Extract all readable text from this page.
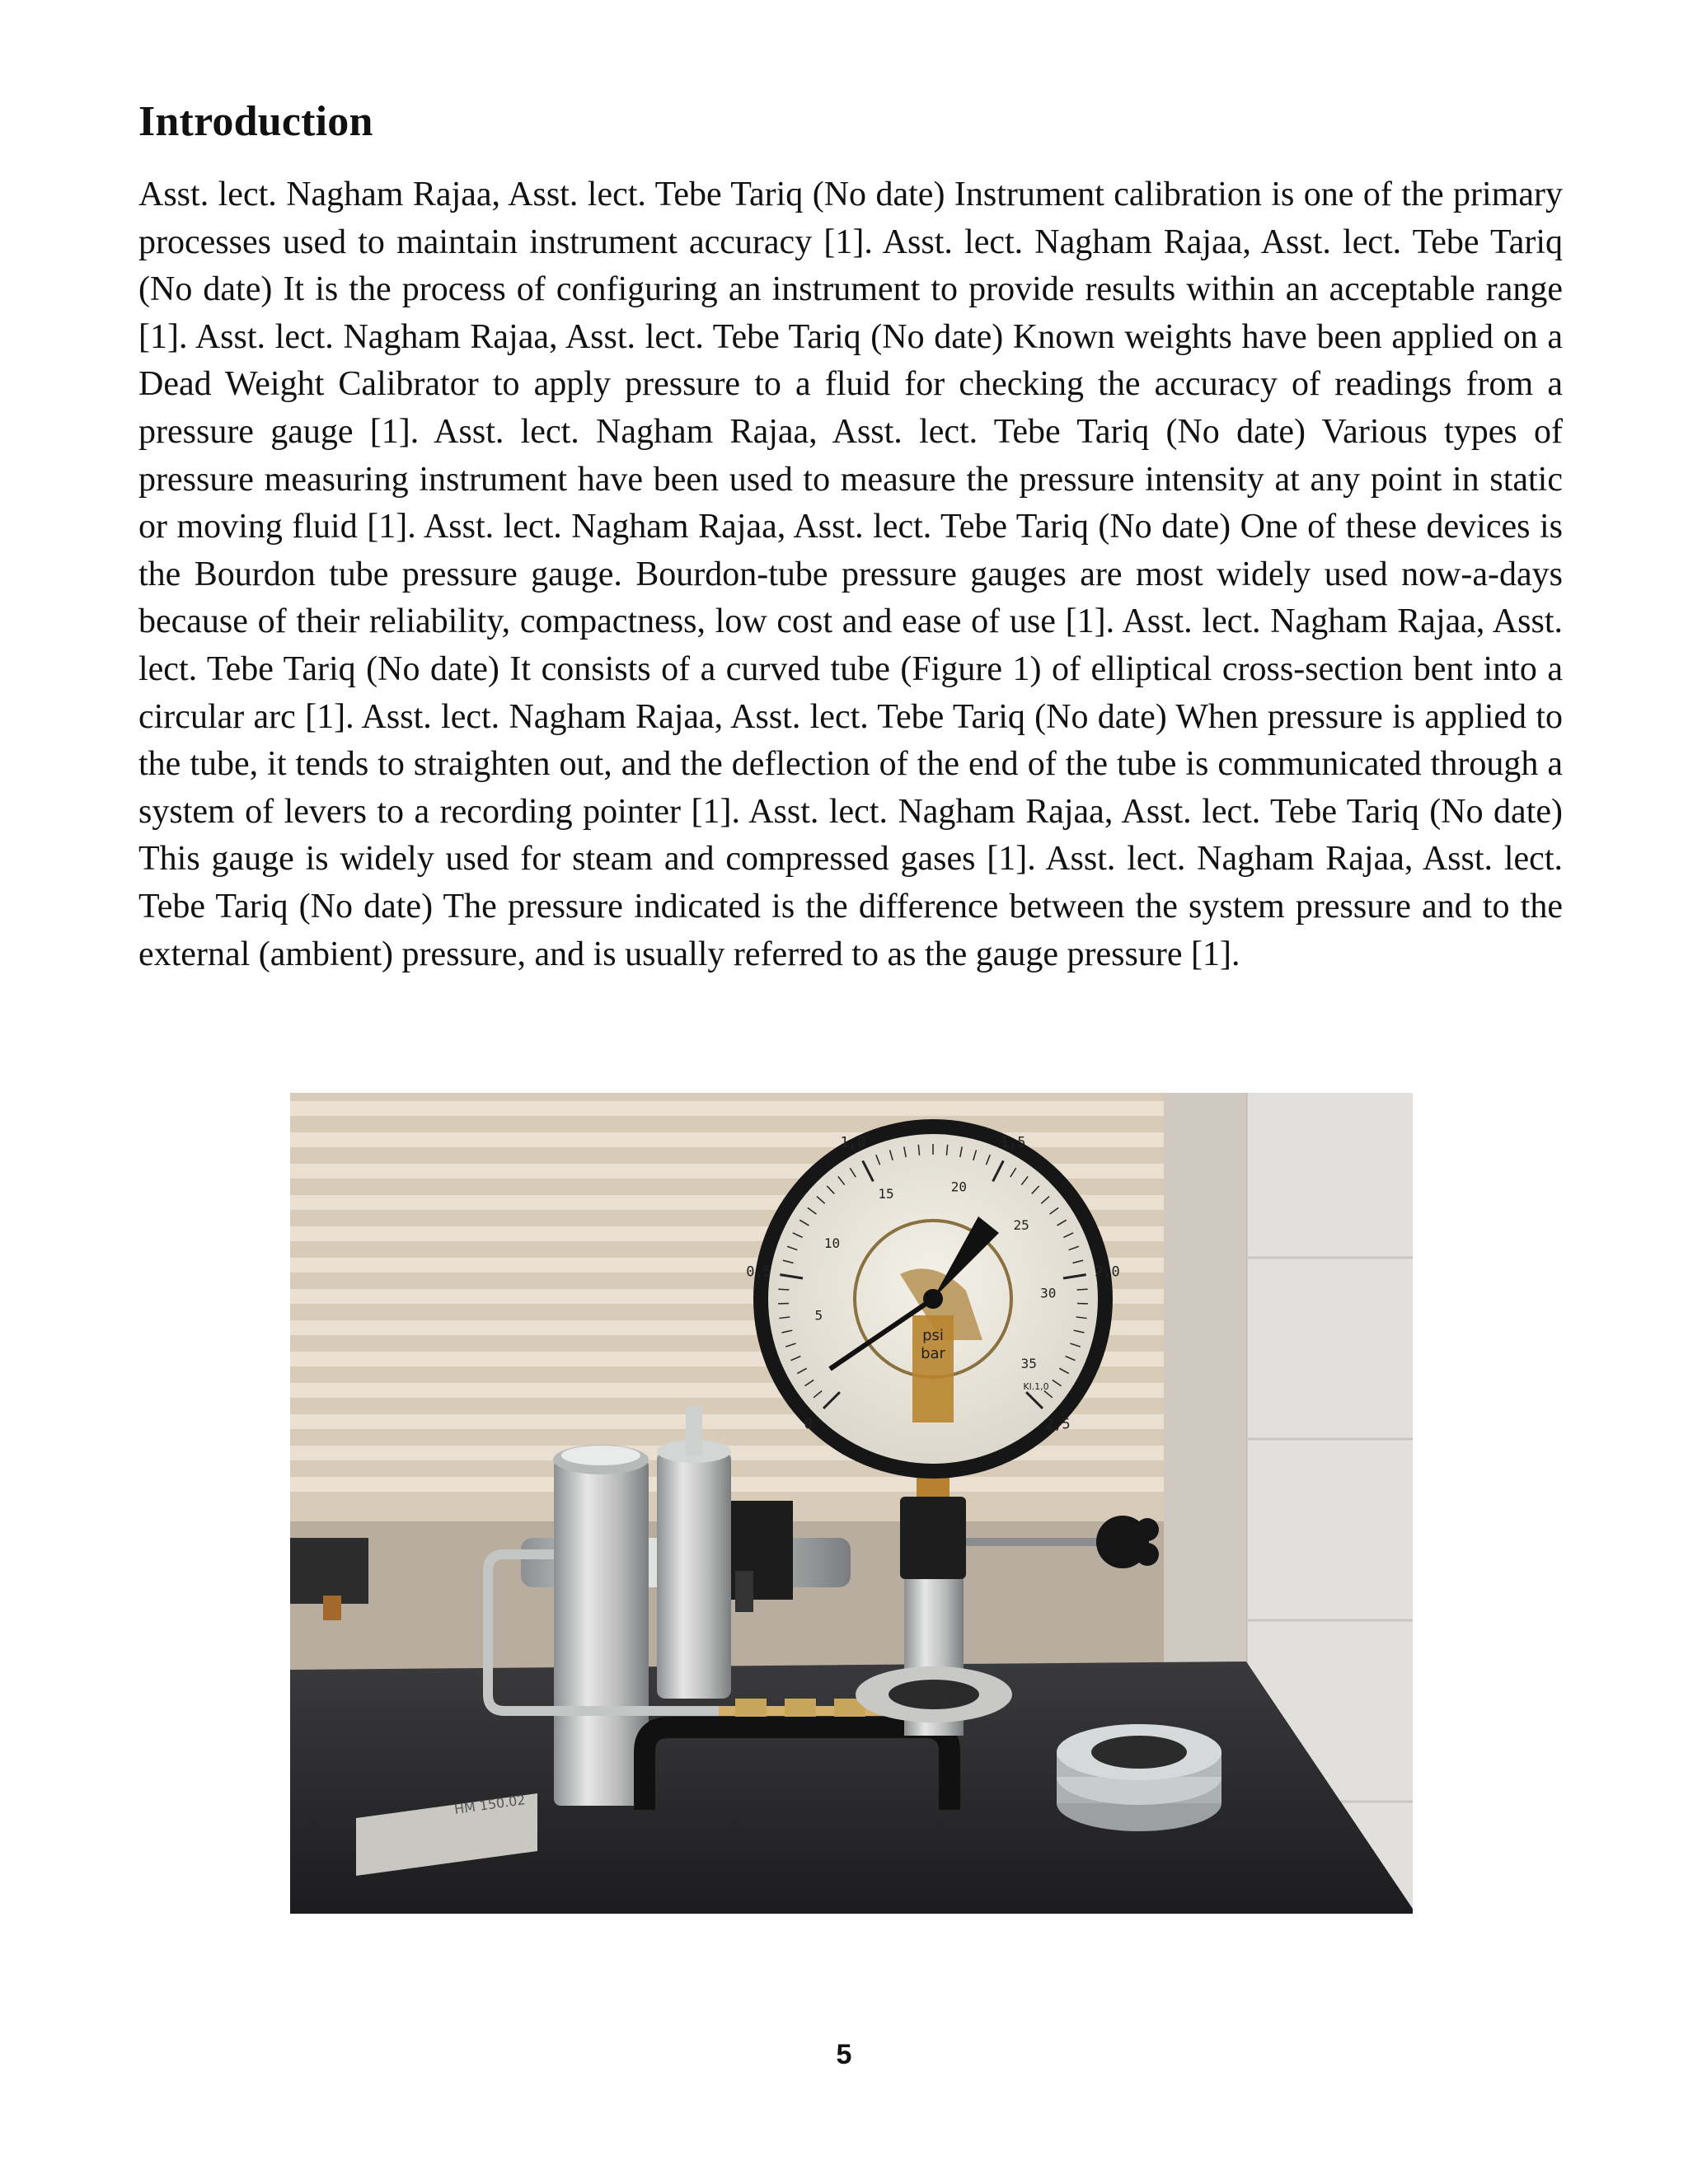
Introduction

Asst. lect. Nagham Rajaa, Asst. lect. Tebe Tariq (No date) Instrument calibration is one of the primary processes used to maintain instrument accuracy [1]. Asst. lect. Nagham Rajaa, Asst. lect. Tebe Tariq (No date) It is the process of configuring an instrument to provide results within an acceptable range [1]. Asst. lect. Nagham Rajaa, Asst. lect. Tebe Tariq (No date) Known weights have been applied on a Dead Weight Calibrator to apply pressure to a fluid for checking the accuracy of readings from a pressure gauge [1]. Asst. lect. Nagham Rajaa, Asst. lect. Tebe Tariq (No date) Various types of pressure measuring instrument have been used to measure the pressure intensity at any point in static or moving fluid [1]. Asst. lect. Nagham Rajaa, Asst. lect. Tebe Tariq (No date) One of these devices is the Bourdon tube pressure gauge. Bourdon-tube pressure gauges are most widely used now-a-days because of their reliability, compactness, low cost and ease of use [1]. Asst. lect. Nagham Rajaa, Asst. lect. Tebe Tariq (No date) It consists of a curved tube (Figure 1) of elliptical cross-section bent into a circular arc [1]. Asst. lect. Nagham Rajaa, Asst. lect. Tebe Tariq (No date) When pressure is applied to the tube, it tends to straighten out, and the deflection of the end of the tube is communicated through a system of levers to a recording pointer [1]. Asst. lect. Nagham Rajaa, Asst. lect. Tebe Tariq (No date) This gauge is widely used for steam and compressed gases [1]. Asst. lect. Nagham Rajaa, Asst. lect. Tebe Tariq (No date) The pressure indicated is the difference between the system pressure and to the external (ambient) pressure, and is usually referred to as the gauge pressure [1].

HM 150.02
0
0,5
1,0	1,5
2,0
2,5
5
10
15	20
25
30
35
psi
bar
Kl.1,0
5
